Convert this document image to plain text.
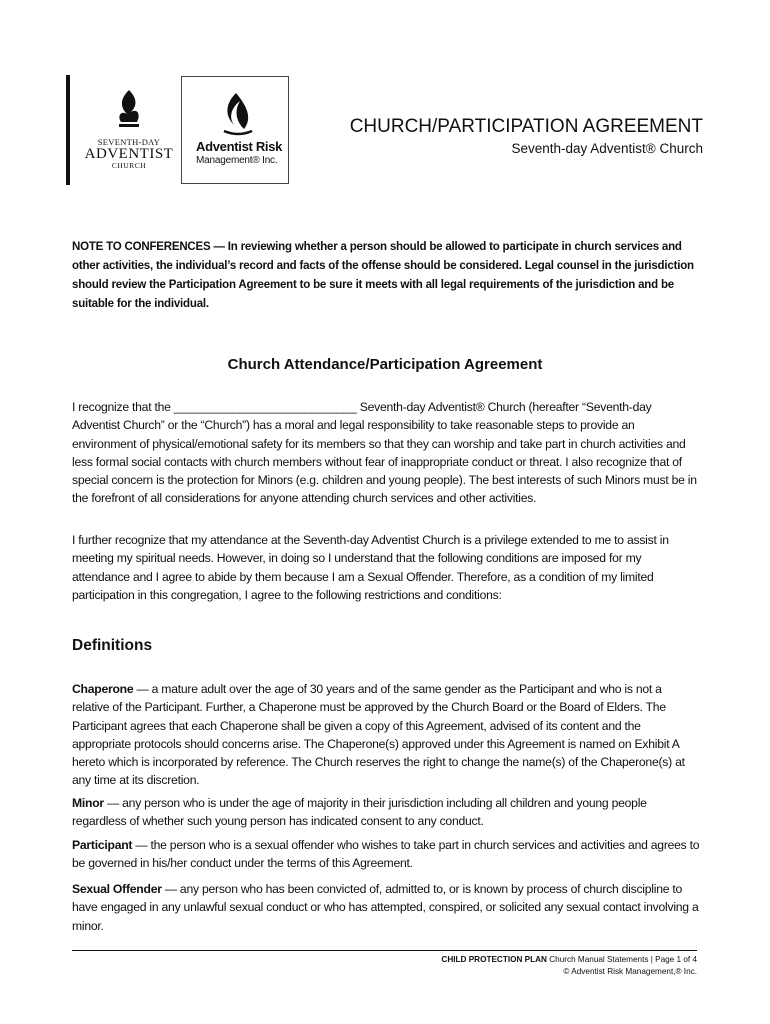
SEVENTH-DAY
ADVENTIST
CHURCH
Adventist Risk
Management® Inc.
CHURCH/PARTICIPATION AGREEMENT
Seventh-day Adventist® Church
NOTE TO CONFERENCES — In reviewing whether a person should be allowed to participate in church services and other activities, the individual’s record and facts of the offense should be considered. Legal counsel in the jurisdiction should review the Participation Agreement to be sure it meets with all legal requirements of the jurisdiction and be suitable for the individual.
Church Attendance/Participation Agreement
I recognize that the ____________________________ Seventh-day Adventist® Church (hereafter “Seventh-day Adventist Church” or the “Church”) has a moral and legal responsibility to take reasonable steps to provide an environment of physical/emotional safety for its members so that they can worship and take part in church activities and less formal social contacts with church members without fear of inappropriate conduct or threat. I also recognize that of special concern is the protection for Minors (e.g. children and young people). The best interests of such Minors must be in the forefront of all considerations for anyone attending church services and other activities.
I further recognize that my attendance at the Seventh-day Adventist Church is a privilege extended to me to assist in meeting my spiritual needs. However, in doing so I understand that the following conditions are imposed for my attendance and I agree to abide by them because I am a Sexual Offender. Therefore, as a condition of my limited participation in this congregation, I agree to the following restrictions and conditions:
Definitions
Chaperone — a mature adult over the age of 30 years and of the same gender as the Participant and who is not a relative of the Participant. Further, a Chaperone must be approved by the Church Board or the Board of Elders. The Participant agrees that each Chaperone shall be given a copy of this Agreement, advised of its content and the appropriate protocols should concerns arise. The Chaperone(s) approved under this Agreement is named on Exhibit A hereto which is incorporated by reference. The Church reserves the right to change the name(s) of the Chaperone(s) at any time at its discretion.
Minor — any person who is under the age of majority in their jurisdiction including all children and young people regardless of whether such young person has indicated consent to any conduct.
Participant — the person who is a sexual offender who wishes to take part in church services and activities and agrees to be governed in his/her conduct under the terms of this Agreement.
Sexual Offender — any person who has been convicted of, admitted to, or is known by process of church discipline to have engaged in any unlawful sexual conduct or who has attempted, conspired, or solicited any sexual contact involving a minor.
CHILD PROTECTION PLAN Church Manual Statements | Page 1 of 4
© Adventist Risk Management,® Inc.
